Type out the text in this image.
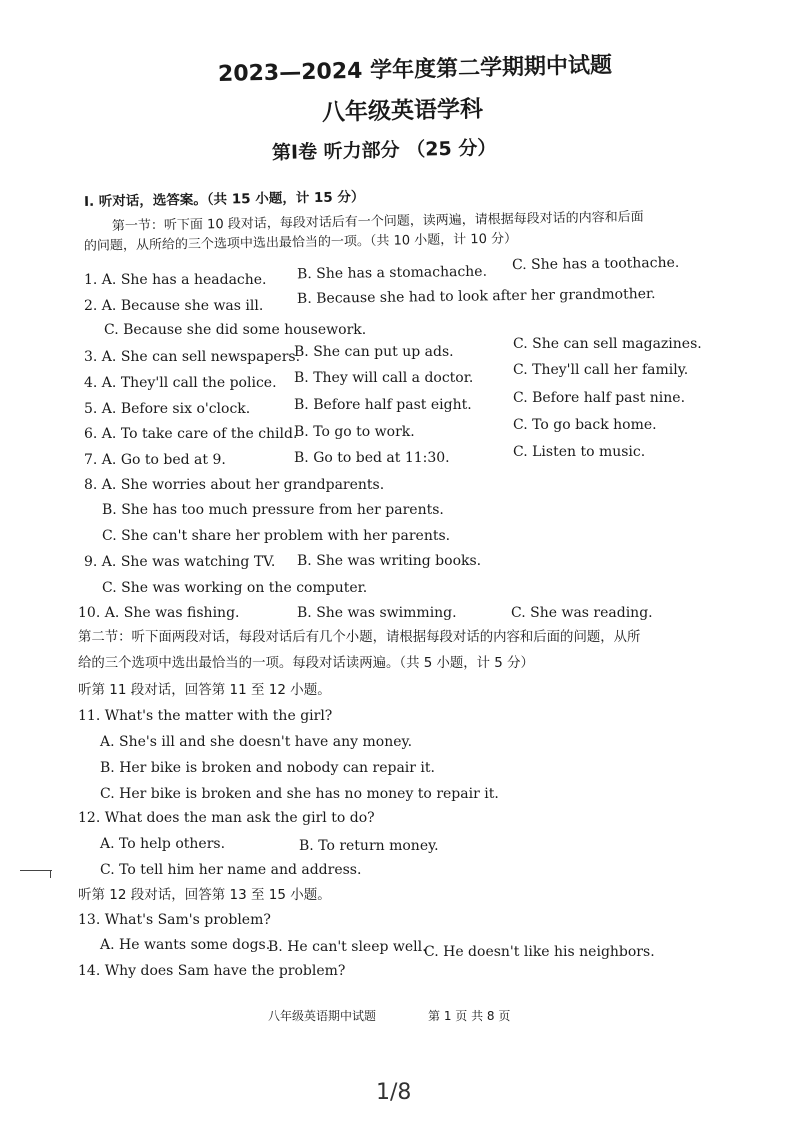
2023—2024 学年度第二学期期中试题
八年级英语学科
第Ⅰ卷 听力部分 （25 分）
I. 听对话，选答案。（共 15 小题，计 15 分）
第一节：听下面 10 段对话，每段对话后有一个问题，读两遍，请根据每段对话的内容和后面
的问题，从所给的三个选项中选出最恰当的一项。（共 10 小题，计 10 分）
1. A. She has a headache. B. She has a stomachache. C. She has a toothache.
2. A. Because she was ill. B. Because she had to look after her grandmother.
C. Because she did some housework.
3. A. She can sell newspapers.
B. She can put up ads.	C. She can sell magazines.
4. A. They'll call the police. B. They will call a doctor.	C. They'll call her family.
5. A. Before six o'clock.	B. Before half past eight.	C. Before half past nine.
6. A. To take care of the child.
B. To go to work.	C. To go back home.
7. A. Go to bed at 9.	B. Go to bed at 11:30.	C. Listen to music.
8. A. She worries about her grandparents.
B. She has too much pressure from her parents.
C. She can't share her problem with her parents.
9. A. She was watching TV. B. She was writing books.
C. She was working on the computer.
10. A. She was fishing.	B. She was swimming.	C. She was reading.
第二节：听下面两段对话，每段对话后有几个小题，请根据每段对话的内容和后面的问题，从所
给的三个选项中选出最恰当的一项。每段对话读两遍。（共 5 小题，计 5 分）
听第 11 段对话，回答第 11 至 12 小题。
11. What's the matter with the girl?
A. She's ill and she doesn't have any money.
B. Her bike is broken and nobody can repair it.
C. Her bike is broken and she has no money to repair it.
12. What does the man ask the girl to do?
A. To help others.	B. To return money.
C. To tell him her name and address.
听第 12 段对话，回答第 13 至 15 小题。
13. What's Sam's problem?
A. He wants some dogs.
B. He can't sleep well.
C. He doesn't like his neighbors.
14. Why does Sam have the problem?
八年级英语期中试题	第 1 页 共 8 页
1/8
